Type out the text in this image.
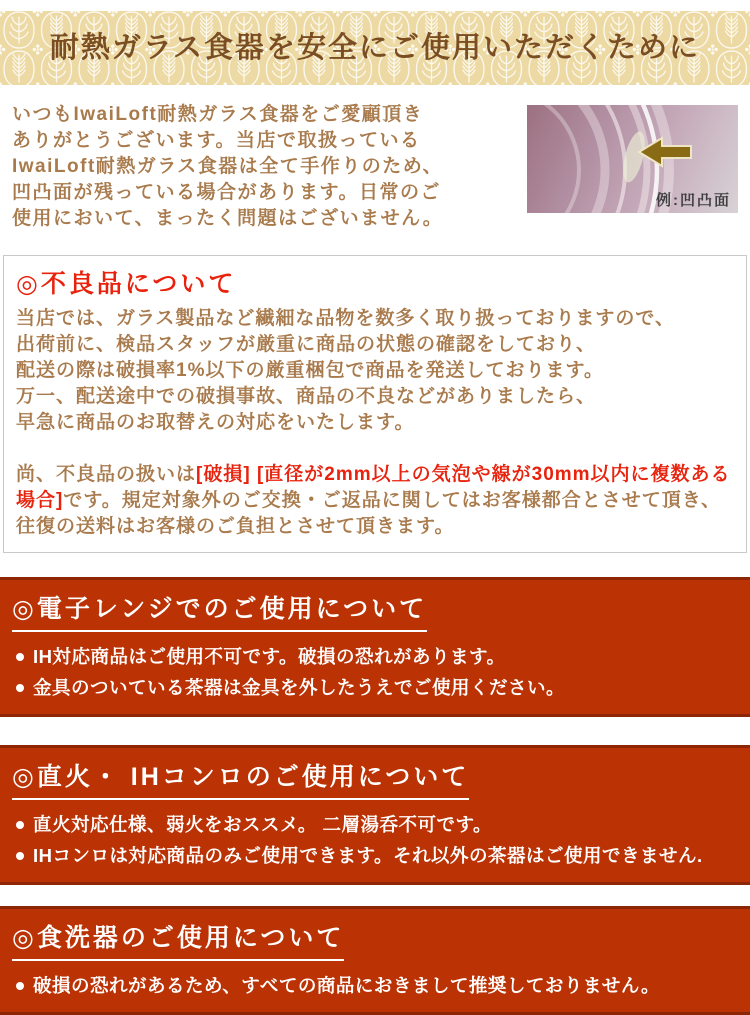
耐熱ガラス食器を安全にご使用いただくために
いつもIwaiLoft耐熱ガラス食器をご愛顧頂き
ありがとうございます。当店で取扱っている
IwaiLoft耐熱ガラス食器は全て手作りのため、
凹凸面が残っている場合があります。日常のご
使用において、まったく問題はございません。
例:凹凸面
◎不良品について

当店では、ガラス製品など繊細な品物を数多く取り扱っておりますので、
出荷前に、検品スタッフが厳重に商品の状態の確認をしており、
配送の際は破損率1%以下の厳重梱包で商品を発送しております。
万一、配送途中での破損事故、商品の不良などがありましたら、
早急に商品のお取替えの対応をいたします。

尚、不良品の扱いは[破損] [直径が2mm以上の気泡や線が30mm以内に複数ある場合]です。規定対象外のご交換・ご返品に関してはお客様都合とさせて頂き、往復の送料はお客様のご負担とさせて頂きます。

◎電子レンジでのご使用について
IH対応商品はご使用不可です。破損の恐れがあります。
金具のついている茶器は金具を外したうえでご使用ください。
◎直火・ IHコンロのご使用について
直火対応仕様、弱火をおススメ。 二層湯呑不可です。
IHコンロは対応商品のみご使用できます。それ以外の茶器はご使用できません.
◎食洗器のご使用について
破損の恐れがあるため、すべての商品におきまして推奨しておりません。
